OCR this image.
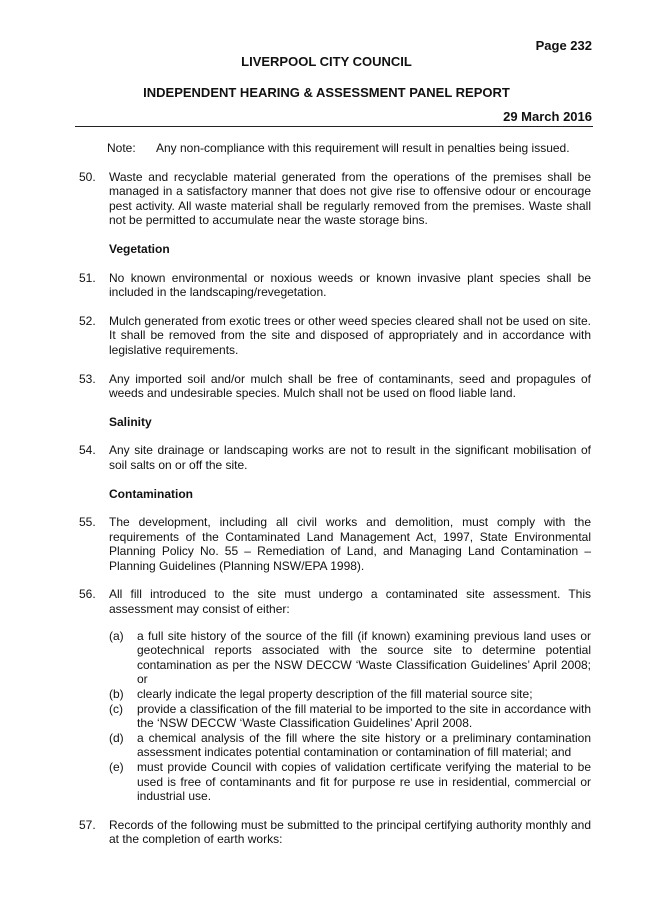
Page 232
LIVERPOOL CITY COUNCIL
INDEPENDENT HEARING & ASSESSMENT PANEL REPORT
29 March 2016
Note:	Any non-compliance with this requirement will result in penalties being issued.
50.	Waste and recyclable material generated from the operations of the premises shall be managed in a satisfactory manner that does not give rise to offensive odour or encourage pest activity. All waste material shall be regularly removed from the premises. Waste shall not be permitted to accumulate near the waste storage bins.
Vegetation
51.	No known environmental or noxious weeds or known invasive plant species shall be included in the landscaping/revegetation.
52.	Mulch generated from exotic trees or other weed species cleared shall not be used on site. It shall be removed from the site and disposed of appropriately and in accordance with legislative requirements.
53.	Any imported soil and/or mulch shall be free of contaminants, seed and propagules of weeds and undesirable species. Mulch shall not be used on flood liable land.
Salinity
54.	Any site drainage or landscaping works are not to result in the significant mobilisation of soil salts on or off the site.
Contamination
55.	The development, including all civil works and demolition, must comply with the requirements of the Contaminated Land Management Act, 1997, State Environmental Planning Policy No. 55 – Remediation of Land, and Managing Land Contamination – Planning Guidelines (Planning NSW/EPA 1998).
56.	All fill introduced to the site must undergo a contaminated site assessment. This assessment may consist of either:
(a)	a full site history of the source of the fill (if known) examining previous land uses or geotechnical reports associated with the source site to determine potential contamination as per the NSW DECCW ‘Waste Classification Guidelines’ April 2008; or
(b)	clearly indicate the legal property description of the fill material source site;
(c)	provide a classification of the fill material to be imported to the site in accordance with the ‘NSW DECCW ‘Waste Classification Guidelines’ April 2008.
(d)	a chemical analysis of the fill where the site history or a preliminary contamination assessment indicates potential contamination or contamination of fill material; and
(e)	must provide Council with copies of validation certificate verifying the material to be used is free of contaminants and fit for purpose re use in residential, commercial or industrial use.
57.	Records of the following must be submitted to the principal certifying authority monthly and at the completion of earth works:
